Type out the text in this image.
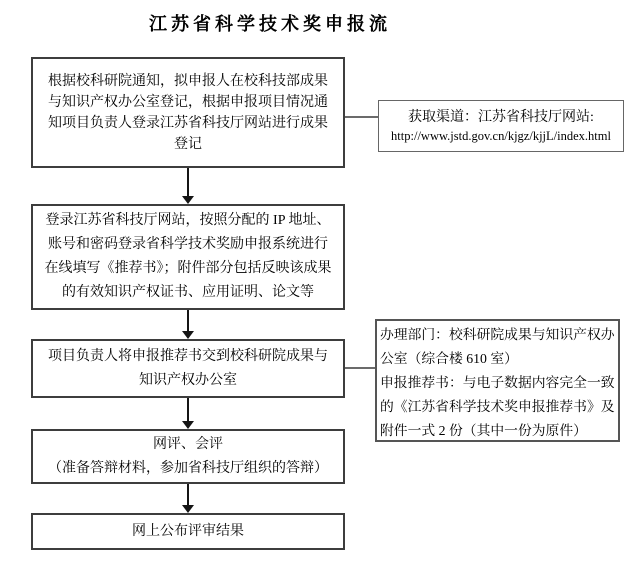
江苏省科学技术奖申报流
根据校科研院通知，拟申报人在校科技部成果与知识产权办公室登记，根据申报项目情况通知项目负责人登录江苏省科技厅网站进行成果登记
获取渠道：江苏省科技厅网站:
http://www.jstd.gov.cn/kjgz/kjjL/index.html
登录江苏省科技厅网站，按照分配的 IP 地址、账号和密码登录省科学技术奖励申报系统进行在线填写《推荐书》；附件部分包括反映该成果的有效知识产权证书、应用证明、论文等
项目负责人将申报推荐书交到校科研院成果与知识产权办公室
办理部门：校科研院成果与知识产权办公室（综合楼 610 室）
申报推荐书：与电子数据内容完全一致的《江苏省科学技术奖申报推荐书》及附件一式 2 份（其中一份为原件）
网评、会评
（准备答辩材料，参加省科技厅组织的答辩）
网上公布评审结果
